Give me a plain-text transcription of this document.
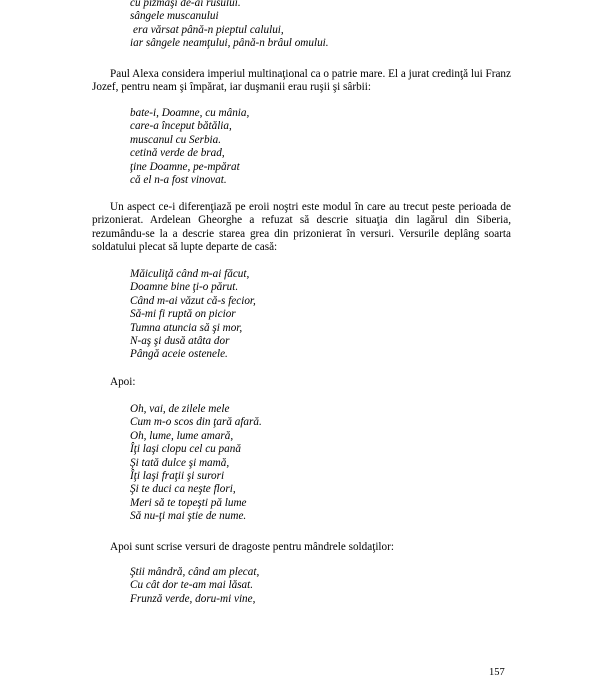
cu pizmaşi de-ai rusului.
sângele muscanului
era vărsat până-n pieptul calului,
iar sângele neamţului, până-n brâul omului.
Paul Alexa considera imperiul multinaţional ca o patrie mare. El a jurat credinţă lui Franz Jozef, pentru neam şi împărat, iar duşmanii erau ruşii şi sârbii:
bate-i, Doamne, cu mânia,
care-a început bătălia,
muscanul cu Serbia.
cetină verde de brad,
ţine Doamne, pe-mpărat
că el n-a fost vinovat.
Un aspect ce-i diferenţiază pe eroii noştri este modul în care au trecut peste perioada de prizonierat. Ardelean Gheorghe a refuzat să descrie situaţia din lagărul din Siberia, rezumându-se la a descrie starea grea din prizonierat în versuri. Versurile deplâng soarta soldatului plecat să lupte departe de casă:
Măiculiţă când m-ai făcut,
Doamne bine ţi-o părut.
Când m-ai văzut că-s fecior,
Să-mi fi ruptă on picior
Tumna atuncia să şi mor,
N-aş şi dusă atâta dor
Pângă aceie ostenele.
Apoi:
Oh, vai, de zilele mele
Cum m-o scos din ţară afară.
Oh, lume, lume amară,
Îţi laşi clopu cel cu pană
Şi tată dulce şi mamă,
Îţi laşi fraţii şi surori
Şi te duci ca neşte flori,
Meri să te topeşti pă lume
Să nu-ţi mai ştie de nume.
Apoi sunt scrise versuri de dragoste pentru mândrele soldaţilor:
Ştii mândră, când am plecat,
Cu cât dor te-am mai lăsat.
Frunză verde, doru-mi vine,
157
